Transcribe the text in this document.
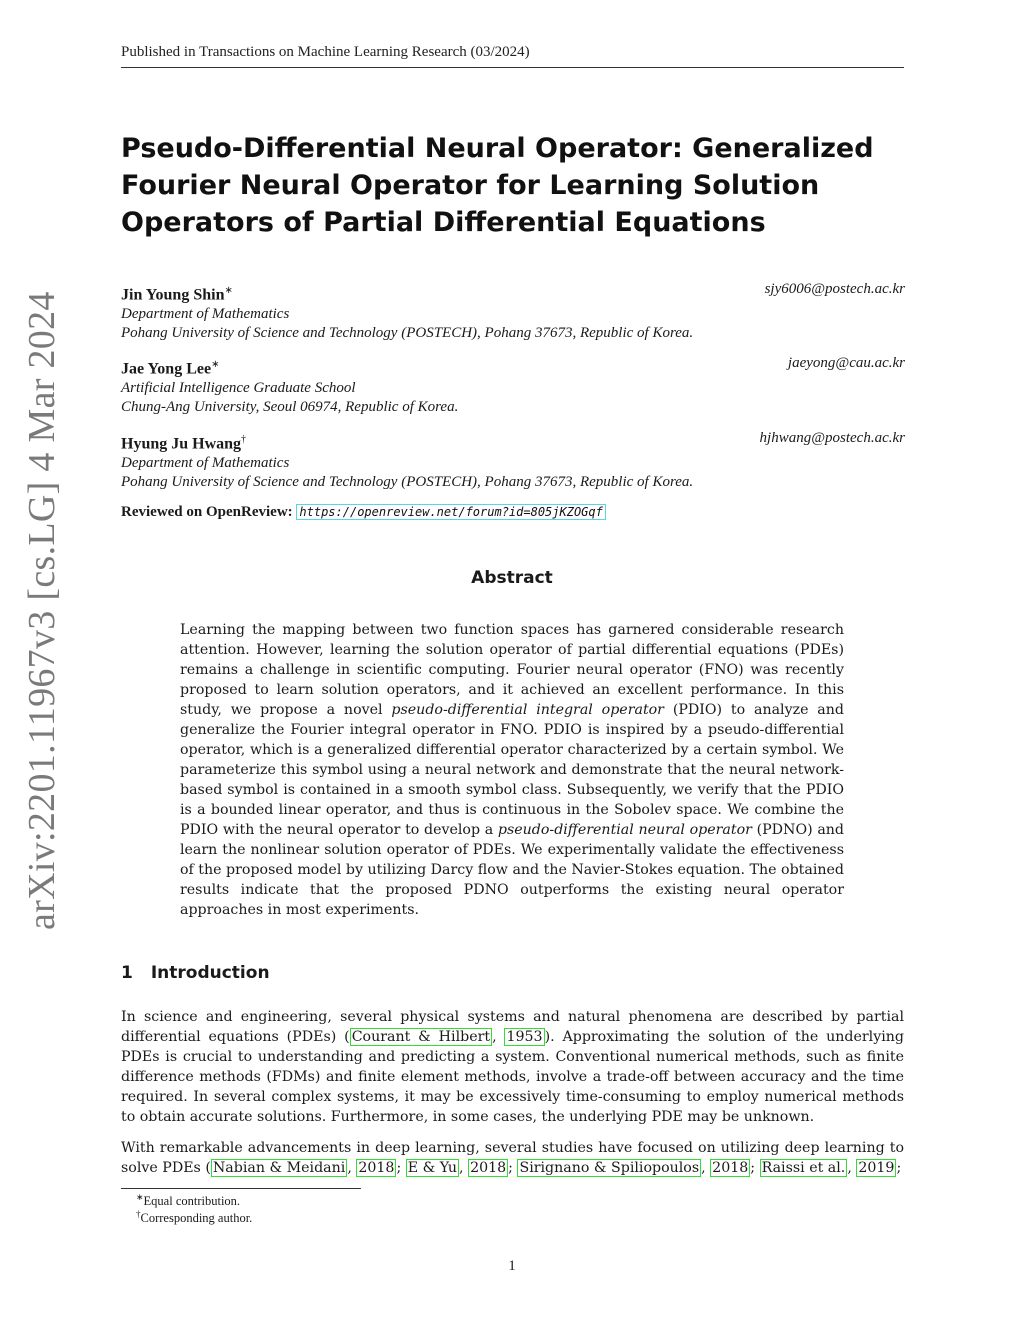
Published in Transactions on Machine Learning Research (03/2024)
arXiv:2201.11967v3 [cs.LG] 4 Mar 2024
Pseudo-Differential Neural Operator: Generalized Fourier Neural Operator for Learning Solution Operators of Partial Differential Equations
Jin Young Shin∗	sjy6006@postech.ac.kr
Department of Mathematics
Pohang University of Science and Technology (POSTECH), Pohang 37673, Republic of Korea.
Jae Yong Lee∗	jaeyong@cau.ac.kr
Artificial Intelligence Graduate School
Chung-Ang University, Seoul 06974, Republic of Korea.
Hyung Ju Hwang†	hjhwang@postech.ac.kr
Department of Mathematics
Pohang University of Science and Technology (POSTECH), Pohang 37673, Republic of Korea.
Reviewed on OpenReview: https://openreview.net/forum?id=805jKZOGqf
Abstract
Learning the mapping between two function spaces has garnered considerable research attention. However, learning the solution operator of partial differential equations (PDEs) remains a challenge in scientific computing. Fourier neural operator (FNO) was recently proposed to learn solution operators, and it achieved an excellent performance. In this study, we propose a novel pseudo-differential integral operator (PDIO) to analyze and generalize the Fourier integral operator in FNO. PDIO is inspired by a pseudo-differential operator, which is a generalized differential operator characterized by a certain symbol. We parameterize this symbol using a neural network and demonstrate that the neural network-based symbol is contained in a smooth symbol class. Subsequently, we verify that the PDIO is a bounded linear operator, and thus is continuous in the Sobolev space. We combine the PDIO with the neural operator to develop a pseudo-differential neural operator (PDNO) and learn the nonlinear solution operator of PDEs. We experimentally validate the effectiveness of the proposed model by utilizing Darcy flow and the Navier-Stokes equation. The obtained results indicate that the proposed PDNO outperforms the existing neural operator approaches in most experiments.
1 Introduction
In science and engineering, several physical systems and natural phenomena are described by partial differential equations (PDEs) ( Courant & Hilbert , 1953 ). Approximating the solution of the underlying PDEs is crucial to understanding and predicting a system. Conventional numerical methods, such as finite difference methods (FDMs) and finite element methods, involve a trade-off between accuracy and the time required. In several complex systems, it may be excessively time-consuming to employ numerical methods to obtain accurate solutions. Furthermore, in some cases, the underlying PDE may be unknown.
With remarkable advancements in deep learning, several studies have focused on utilizing deep learning to solve PDEs ( Nabian & Meidani , 2018 ; E & Yu , 2018 ; Sirignano & Spiliopoulos , 2018 ; Raissi et al. , 2019 ;
∗Equal contribution.
†Corresponding author.
1
